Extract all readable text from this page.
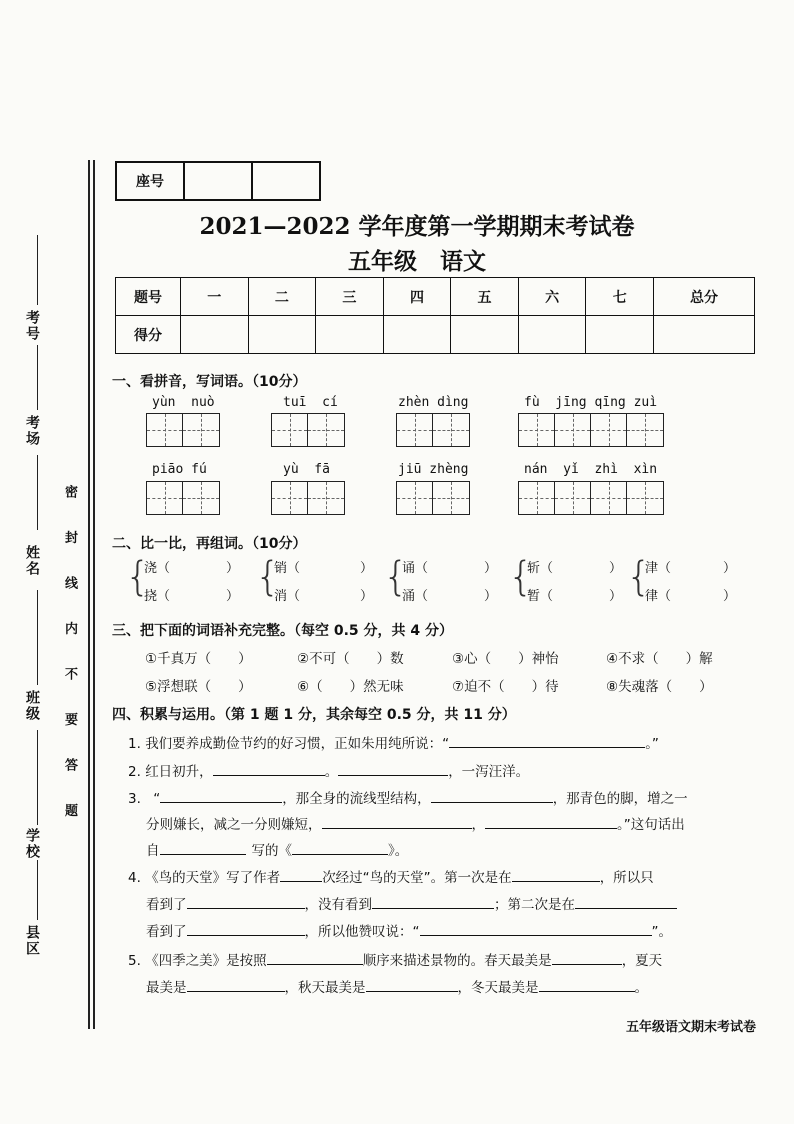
考号
考场
姓名
班级
学校
县区
密 封 线 内 不 要 答 题
座号		
2021—2022 学年度第一学期期末考试卷
五年级　语文
题号	一	二	三	四	五	六	七	总分
得分								
一、看拼音，写词语。（10分）
yùn  nuò	tuī  cí	zhèn dìng	fù  jīng qīng zuì
piāo fú	yù  fā	jiū zhèng	nán  yǐ  zhì  xìn
二、比一比，再组词。（10分）
{
浇（	）
挠（	） {
销（	）
消（	） {
诵（	）
涌（	） {
斩（	）
暂（	） {
津（	）
律（	）
三、把下面的词语补充完整。（每空 0.5 分，共 4 分）
①千真万（　　）	②不可（　　）数	③心（　　）神怡	④不求（　　）解
⑤浮想联（　　）	⑥（　　）然无味	⑦迫不（　　）待	⑧失魂落（　　）
四、积累与运用。（第 1 题 1 分，其余每空 0.5 分，共 11 分）
1. 我们要养成勤俭节约的好习惯，正如朱用纯所说：“	。”
2. 红日初升，	。	，一泻汪洋。
3. “	，那全身的流线型结构，	，那青色的脚，增之一
分则嫌长，减之一分则嫌短，	，	。”这句话出
自	写的《	》。
4. 《鸟的天堂》写了作者	次经过“鸟的天堂”。第一次是在	，所以只
看到了	，没有看到	；第二次是在
看到了	，所以他赞叹说：“	”。
5. 《四季之美》是按照	顺序来描述景物的。春天最美是	，夏天
最美是	，秋天最美是	，冬天最美是	。
五年级语文期末考试卷
